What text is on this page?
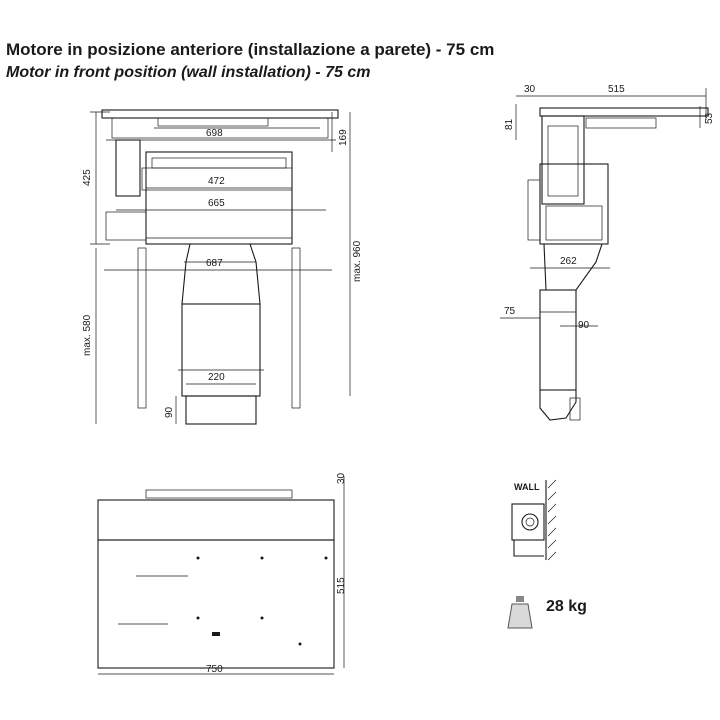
Motore in posizione anteriore (installazione a parete) - 75 cm
Motor in front position (wall installation) - 75 cm
698
472
665
687
220
425
max. 580
90
169
max. 960
30	515
81
53
262
75
90
30
515
750
WALL
28 kg
